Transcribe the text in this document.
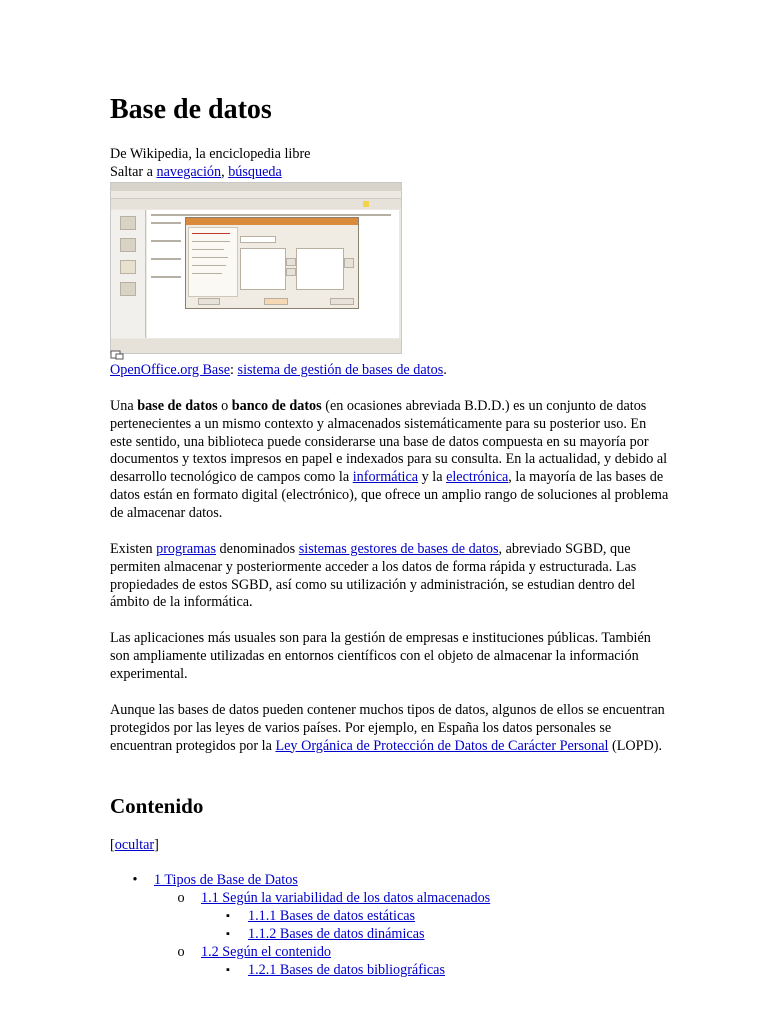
Base de datos
De Wikipedia, la enciclopedia libre
Saltar a navegación, búsqueda
OpenOffice.org Base: sistema de gestión de bases de datos.

Una base de datos o banco de datos (en ocasiones abreviada B.D.D.) es un conjunto de datos pertenecientes a un mismo contexto y almacenados sistemáticamente para su posterior uso. En este sentido, una biblioteca puede considerarse una base de datos compuesta en su mayoría por documentos y textos impresos en papel e indexados para su consulta. En la actualidad, y debido al desarrollo tecnológico de campos como la informática y la electrónica, la mayoría de las bases de datos están en formato digital (electrónico), que ofrece un amplio rango de soluciones al problema de almacenar datos.

Existen programas denominados sistemas gestores de bases de datos, abreviado SGBD, que permiten almacenar y posteriormente acceder a los datos de forma rápida y estructurada. Las propiedades de estos SGBD, así como su utilización y administración, se estudian dentro del ámbito de la informática.

Las aplicaciones más usuales son para la gestión de empresas e instituciones públicas. También son ampliamente utilizadas en entornos científicos con el objeto de almacenar la información experimental.

Aunque las bases de datos pueden contener muchos tipos de datos, algunos de ellos se encuentran protegidos por las leyes de varios países. Por ejemplo, en España los datos personales se encuentran protegidos por la Ley Orgánica de Protección de Datos de Carácter Personal (LOPD).

Contenido
[ocultar]
• 1 Tipos de Base de Datos
o 1.1 Según la variabilidad de los datos almacenados
▪ 1.1.1 Bases de datos estáticas
▪ 1.1.2 Bases de datos dinámicas
o 1.2 Según el contenido
▪ 1.2.1 Bases de datos bibliográficas
